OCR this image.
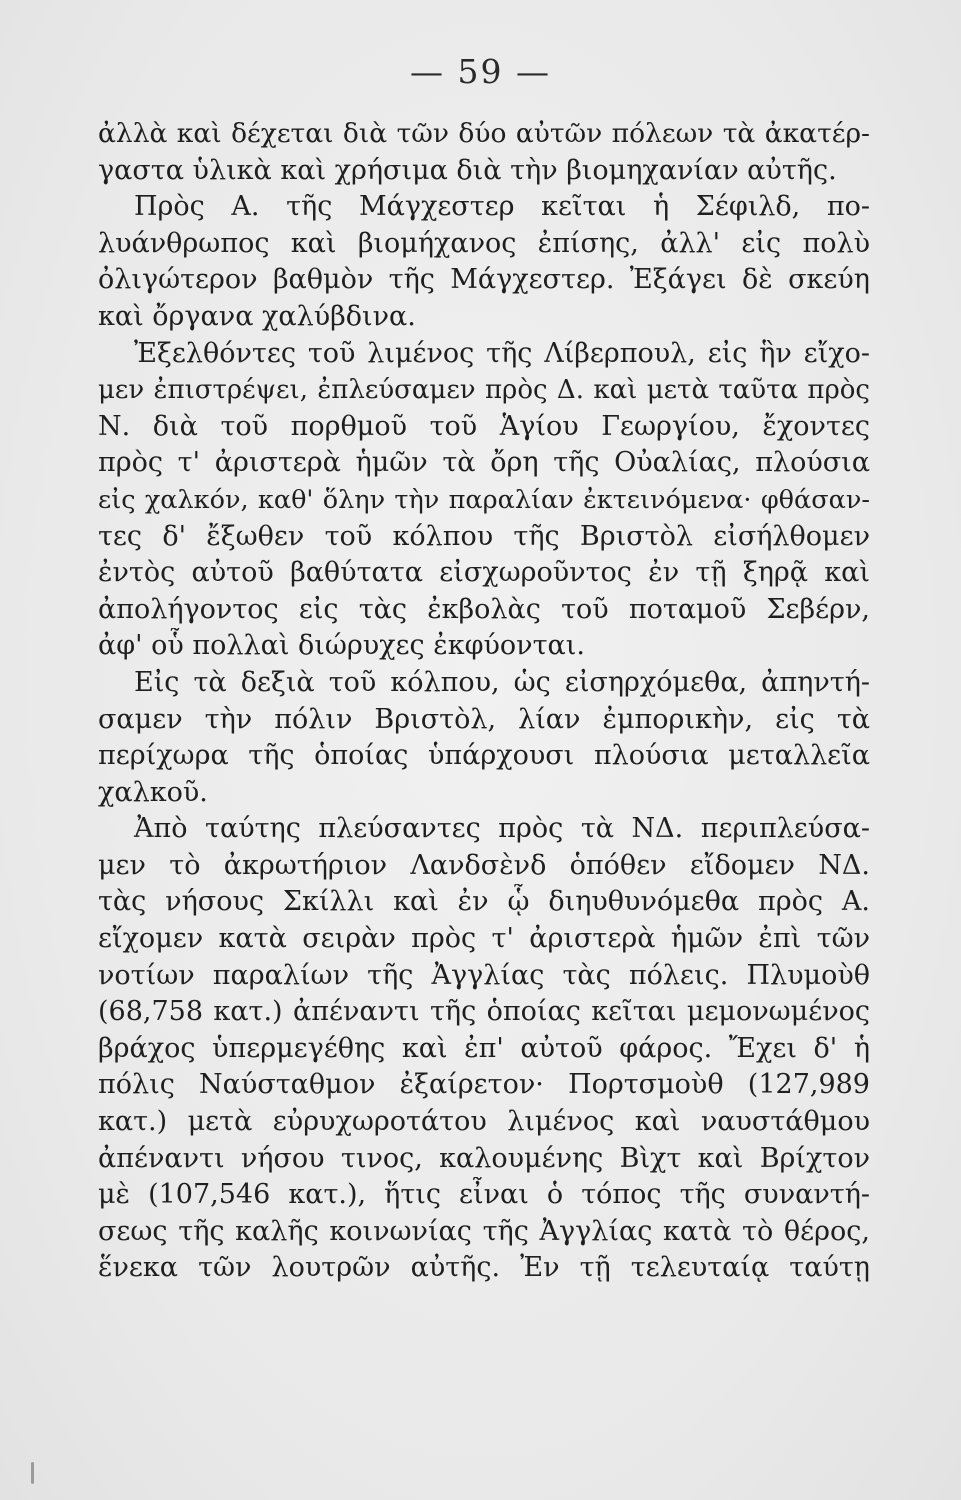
— 59 —
ἀλλὰ καὶ δέχεται διὰ τῶν δύο αὐτῶν πόλεων τὰ ἀκατέρ-
γαστα ὑλικὰ καὶ χρήσιμα διὰ τὴν βιομηχανίαν αὐτῆς.
Πρὸς Α. τῆς Μάγχεστερ κεῖται ἡ Σέφιλδ, πο-
λυάνθρωπος καὶ βιομήχανος ἐπίσης, ἀλλ' εἰς πολὺ
ὀλιγώτερον βαθμὸν τῆς Μάγχεστερ. Ἐξάγει δὲ σκεύη
καὶ ὄργανα χαλύβδινα.
Ἐξελθόντες τοῦ λιμένος τῆς Λίβερπουλ, εἰς ἣν εἴχο-
μεν ἐπιστρέψει, ἐπλεύσαμεν πρὸς Δ. καὶ μετὰ ταῦτα πρὸς
Ν. διὰ τοῦ πορθμοῦ τοῦ Ἁγίου Γεωργίου, ἔχοντες
πρὸς τ' ἀριστερὰ ἡμῶν τὰ ὄρη τῆς Οὐαλίας, πλούσια
εἰς χαλκόν, καθ' ὅλην τὴν παραλίαν ἐκτεινόμενα· φθάσαν-
τες δ' ἔξωθεν τοῦ κόλπου τῆς Βριστὸλ εἰσήλθομεν
ἐντὸς αὐτοῦ βαθύτατα εἰσχωροῦντος ἐν τῇ ξηρᾷ καὶ
ἀπολήγοντος εἰς τὰς ἐκβολὰς τοῦ ποταμοῦ Σεβέρν,
ἀφ' οὗ πολλαὶ διώρυχες ἐκφύονται.
Εἰς τὰ δεξιὰ τοῦ κόλπου, ὡς εἰσηρχόμεθα, ἀπηντή-
σαμεν τὴν πόλιν Βριστὸλ, λίαν ἐμπορικὴν, εἰς τὰ
περίχωρα τῆς ὁποίας ὑπάρχουσι πλούσια μεταλλεῖα
χαλκοῦ.
Ἀπὸ ταύτης πλεύσαντες πρὸς τὰ ΝΔ. περιπλεύσα-
μεν τὸ ἀκρωτήριον Λανδσὲνδ ὁπόθεν εἴδομεν ΝΔ.
τὰς νήσους Σκίλλι καὶ ἐν ᾧ διηυθυνόμεθα πρὸς Α.
εἴχομεν κατὰ σειρὰν πρὸς τ' ἀριστερὰ ἡμῶν ἐπὶ τῶν
νοτίων παραλίων τῆς Ἀγγλίας τὰς πόλεις. Πλυμοὺθ
(68,758 κατ.) ἀπέναντι τῆς ὁποίας κεῖται μεμονωμένος
βράχος ὑπερμεγέθης καὶ ἐπ' αὐτοῦ φάρος. Ἔχει δ' ἡ
πόλις Ναύσταθμον ἐξαίρετον· Πορτσμοὺθ (127,989
κατ.) μετὰ εὐρυχωροτάτου λιμένος καὶ ναυστάθμου
ἀπέναντι νήσου τινος, καλουμένης Βὶχτ καὶ Βρίχτον
μὲ (107,546 κατ.), ἥτις εἶναι ὁ τόπος τῆς συναντή-
σεως τῆς καλῆς κοινωνίας τῆς Ἀγγλίας κατὰ τὸ θέρος,
ἕνεκα τῶν λουτρῶν αὐτῆς. Ἐν τῇ τελευταίᾳ ταύτῃ
